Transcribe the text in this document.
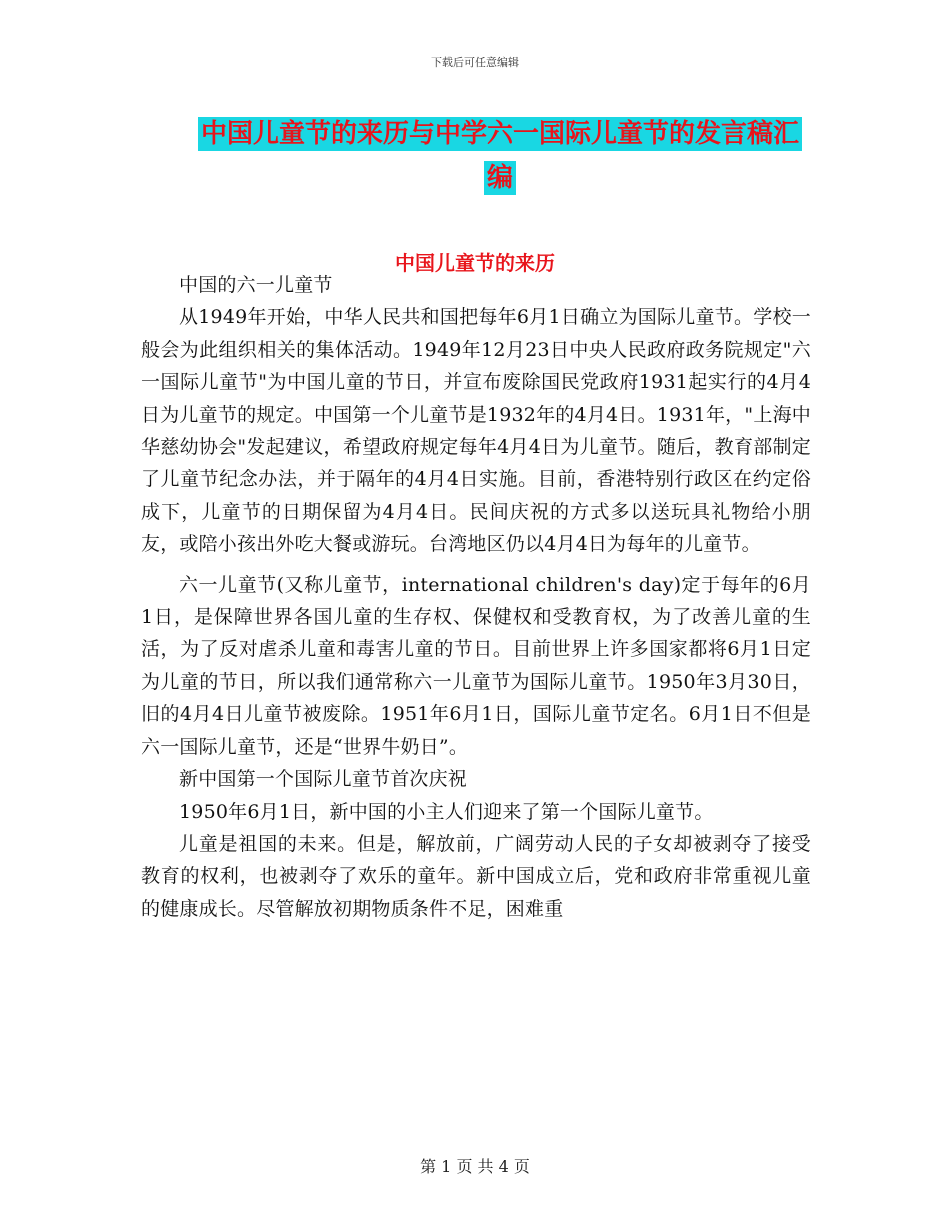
下载后可任意编辑
中国儿童节的来历与中学六一国际儿童节的发言稿汇编
中国儿童节的来历

中国的六一儿童节

从1949年开始，中华人民共和国把每年6月1日确立为国际儿童节。学校一般会为此组织相关的集体活动。1949年12月23日中央人民政府政务院规定"六一国际儿童节"为中国儿童的节日，并宣布废除国民党政府1931起实行的4月4日为儿童节的规定。中国第一个儿童节是1932年的4月4日。1931年，"上海中华慈幼协会"发起建议，希望政府规定每年4月4日为儿童节。随后，教育部制定了儿童节纪念办法，并于隔年的4月4日实施。目前，香港特别行政区在约定俗成下，儿童节的日期保留为4月4日。民间庆祝的方式多以送玩具礼物给小朋友，或陪小孩出外吃大餐或游玩。台湾地区仍以4月4日为每年的儿童节。

六一儿童节(又称儿童节，international children's day)定于每年的6月1日，是保障世界各国儿童的生存权、保健权和受教育权，为了改善儿童的生活，为了反对虐杀儿童和毒害儿童的节日。目前世界上许多国家都将6月1日定为儿童的节日，所以我们通常称六一儿童节为国际儿童节。1950年3月30日，旧的4月4日儿童节被废除。1951年6月1日，国际儿童节定名。6月1日不但是六一国际儿童节，还是“世界牛奶日”。

新中国第一个国际儿童节首次庆祝

1950年6月1日，新中国的小主人们迎来了第一个国际儿童节。

儿童是祖国的未来。但是，解放前，广阔劳动人民的子女却被剥夺了接受教育的权利，也被剥夺了欢乐的童年。新中国成立后，党和政府非常重视儿童的健康成长。尽管解放初期物质条件不足，困难重

第 1 页 共 4 页
